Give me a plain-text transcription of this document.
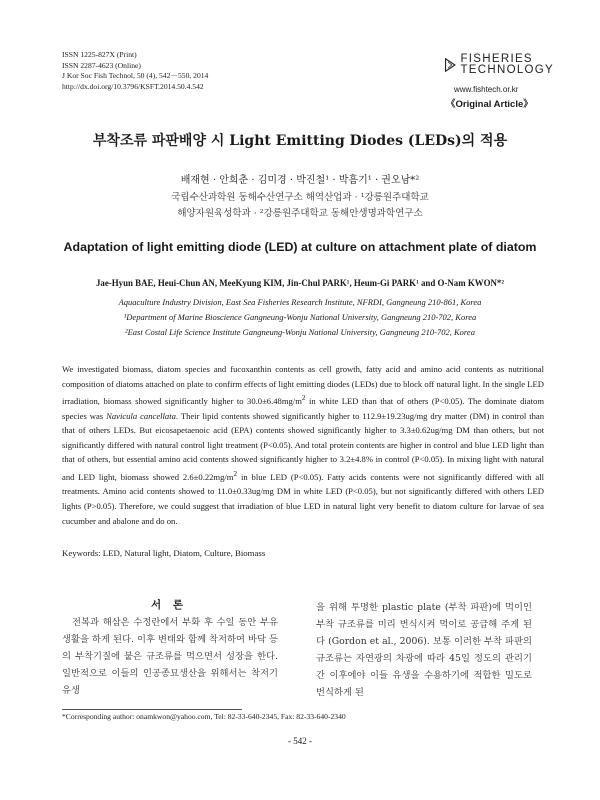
ISSN 1225-827X (Print)
ISSN 2287-4623 (Online)
J Kor Soc Fish Technol, 50 (4), 542－550, 2014
http://dx.doi.org/10.3796/KSFT.2014.50.4.542
FISHERIES
TECHNOLOGY
www.fishtech.or.kr
《Original Article》
부착조류 파판배양 시 Light Emitting Diodes (LEDs)의 적용
배재현 · 안희춘 · 김미경 · 박진철¹ · 박흠기¹ · 권오남*²
국립수산과학원 동해수산연구소 해역산업과 · ¹강릉원주대학교
해양자원육성학과 · ²강릉원주대학교 동해안생명과학연구소
Adaptation of light emitting diode (LED) at culture on attachment plate of diatom
Jae-Hyun BAE, Heui-Chun AN, MeeKyung KIM, Jin-Chul PARK¹, Heum-Gi PARK¹ and O-Nam KWON*²
Aquaculture Industry Division, East Sea Fisheries Research Institute, NFRDI, Gangneung 210-861, Korea
¹Department of Marine Bioscience Gangneung-Wonju National University, Gangneung 210-702, Korea
²East Costal Life Science Institute Gangneung-Wonju National University, Gangneung 210-702, Korea

We investigated biomass, diatom species and fucoxanthin contents as cell growth, fatty acid and amino acid contents as nutritional composition of diatoms attached on plate to confirm effects of light emitting diodes (LEDs) due to block off natural light. In the single LED irradiation, biomass showed significantly higher to $30.0\pm 6.48mg/m^2$ in white LED than that of others (P<0.05). The dominate diatom species was Navicula cancellata. Their lipid contents showed significantly higher to 112.9±19.23ug/mg dry matter (DM) in control than that of others LEDs. But eicosapetaenoic acid (EPA) contents showed significantly higher to 3.3±0.62ug/mg DM than others, but not significantly differed with natural control light treatment (P<0.05). And total protein contents are higher in control and blue LED light than that of others, but essential amino acid contents showed significantly higher to 3.2±4.8% in control (P<0.05). In mixing light with natural and LED light, biomass showed $2.6\pm 0.22mg/m^2$ in blue LED (P<0.05). Fatty acids contents were not significantly differed with all treatments. Amino acid contents showed to 11.0±0.33ug/mg DM in white LED (P<0.05), but not significantly differed with others LED lights (P>0.05). Therefore, we could suggest that irradiation of blue LED in natural light very benefit to diatom culture for larvae of sea cucumber and abalone and do on.

Keywords: LED, Natural light, Diatom, Culture, Biomass
서 론

전복과 해삼은 수정란에서 부화 후 수일 동안 부유생활을 하게 된다. 이후 변태와 함께 착저하여 바닥 등의 부착기질에 붙은 규조류를 먹으면서 성장을 한다. 일반적으로 이들의 인공종묘생산을 위해서는 착저기 유생

을 위해 투명한 plastic plate (부착 파판)에 먹이인 부착 규조류를 미리 번식시켜 먹이로 공급해 주게 된다 (Gordon et al., 2006). 보통 이러한 부착 파판의 규조류는 자연광의 차광에 따라 45일 정도의 관리기간 이후에야 이들 유생을 수용하기에 적합한 밀도로 번식하게 된

*Corresponding author: onamkwon@yahoo.com, Tel: 82-33-640-2345, Fax: 82-33-640-2340
- 542 -
